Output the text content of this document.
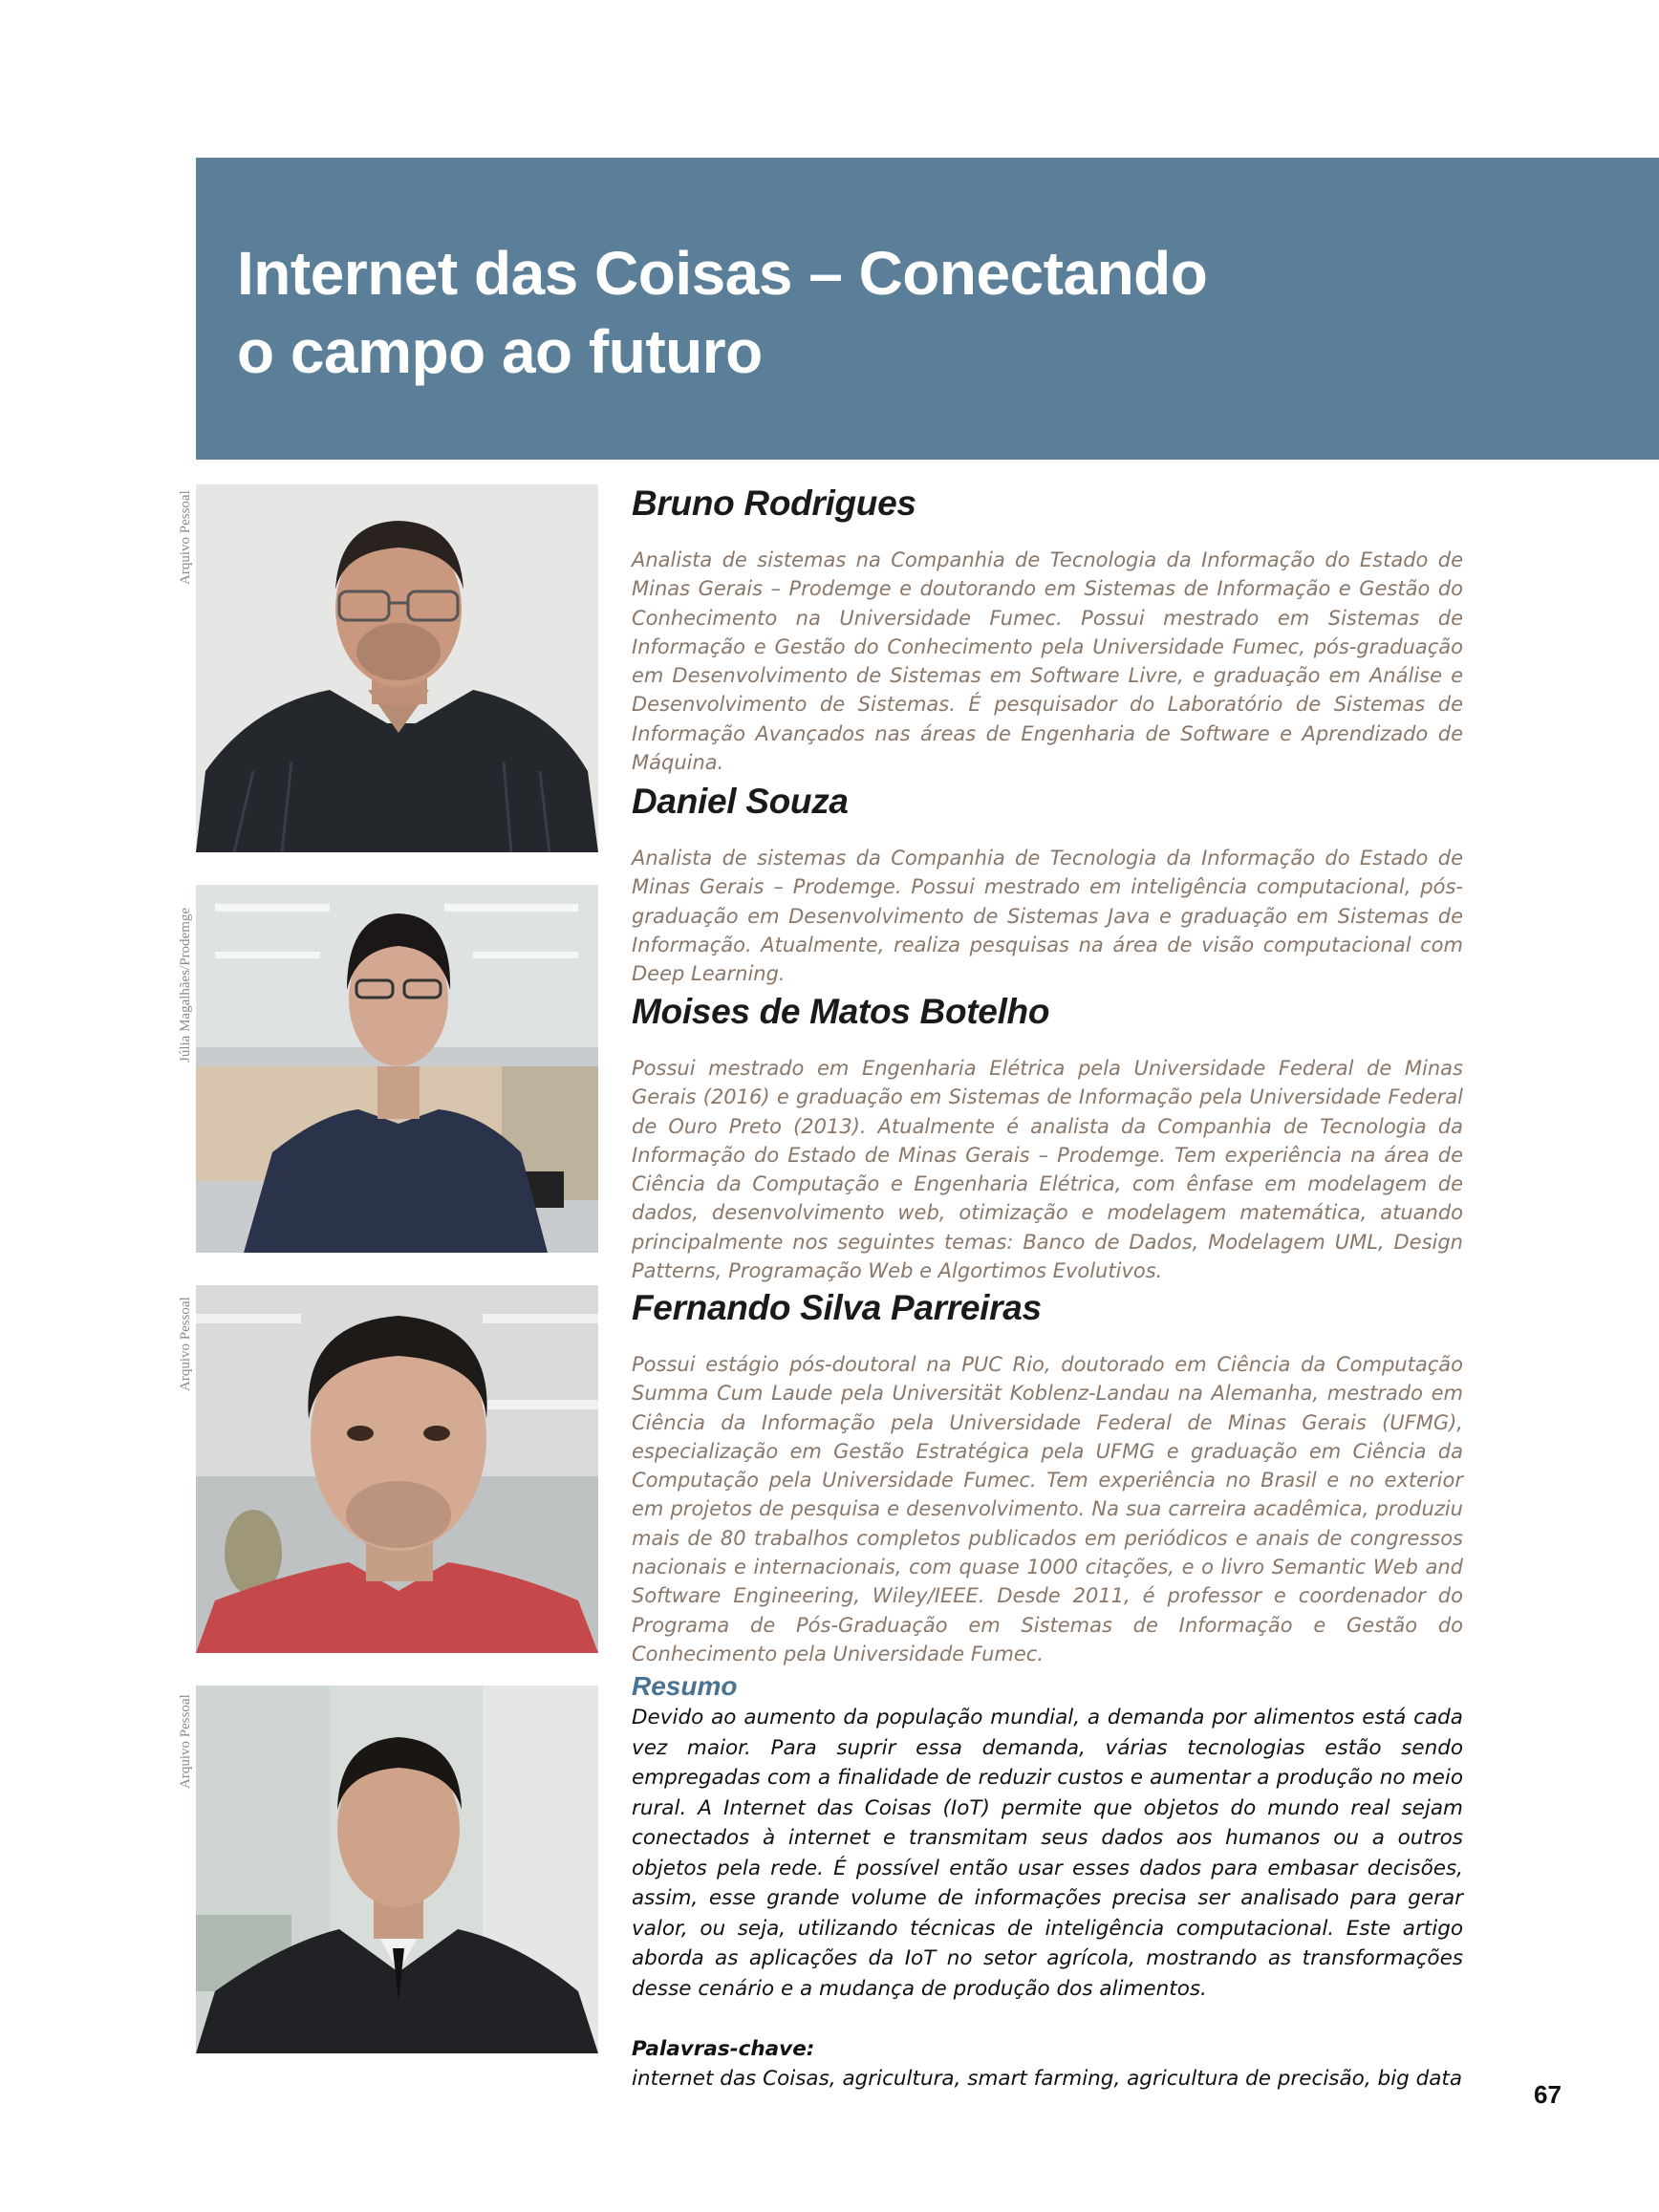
Internet das Coisas – Conectando
o campo ao futuro
Arquivo Pessoal
Júlia Magalhães/Prodemge
Arquivo Pessoal
Arquivo Pessoal
Bruno Rodrigues

Analista de sistemas na Companhia de Tecnologia da Informação do Estado de Minas Gerais – Prodemge e doutorando em Sistemas de Informação e Gestão do Conhecimento na Universidade Fumec. Possui mestrado em Sistemas de Informação e Gestão do Conhecimento pela Universidade Fumec, pós-graduação em Desenvolvimento de Sistemas em Software Livre, e graduação em Análise e Desenvolvimento de Sistemas. É pesquisador do Laboratório de Sistemas de Informação Avançados nas áreas de Engenharia de Software e Aprendizado de Máquina.

Daniel Souza

Analista de sistemas da Companhia de Tecnologia da Informação do Estado de Minas Gerais – Prodemge. Possui mestrado em inteligência computacional, pós-graduação em Desenvolvimento de Sistemas Java e graduação em Sistemas de Informação. Atualmente, realiza pesquisas na área de visão computacional com Deep Learning.

Moises de Matos Botelho

Possui mestrado em Engenharia Elétrica pela Universidade Federal de Minas Gerais (2016) e graduação em Sistemas de Informação pela Universidade Federal de Ouro Preto (2013). Atualmente é analista da Companhia de Tecnologia da Informação do Estado de Minas Gerais – Prodemge. Tem experiência na área de Ciência da Computação e Engenharia Elétrica, com ênfase em modelagem de dados, desenvolvimento web, otimização e modelagem matemática, atuando principalmente nos seguintes temas: Banco de Dados, Modelagem UML, Design Patterns, Programação Web e Algortimos Evolutivos.

Fernando Silva Parreiras

Possui estágio pós-doutoral na PUC Rio, doutorado em Ciência da Computação Summa Cum Laude pela Universität Koblenz-Landau na Alemanha, mestrado em Ciência da Informação pela Universidade Federal de Minas Gerais (UFMG), especialização em Gestão Estratégica pela UFMG e graduação em Ciência da Computação pela Universidade Fumec. Tem experiência no Brasil e no exterior em projetos de pesquisa e desenvolvimento. Na sua carreira acadêmica, produziu mais de 80 trabalhos completos publicados em periódicos e anais de congressos nacionais e internacionais, com quase 1000 citações, e o livro Semantic Web and Software Engineering, Wiley/IEEE. Desde 2011, é professor e coordenador do Programa de Pós-Graduação em Sistemas de Informação e Gestão do Conhecimento pela Universidade Fumec.

Resumo

Devido ao aumento da população mundial, a demanda por alimentos está cada vez maior. Para suprir essa demanda, várias tecnologias estão sendo empregadas com a finalidade de reduzir custos e aumentar a produção no meio rural. A Internet das Coisas (IoT) permite que objetos do mundo real sejam conectados à internet e transmitam seus dados aos humanos ou a outros objetos pela rede. É possível então usar esses dados para embasar decisões, assim, esse grande volume de informações precisa ser analisado para gerar valor, ou seja, utilizando técnicas de inteligência computacional. Este artigo aborda as aplicações da IoT no setor agrícola, mostrando as transformações desse cenário e a mudança de produção dos alimentos.

Palavras-chave:

internet das Coisas, agricultura, smart farming, agricultura de precisão, big data

67
